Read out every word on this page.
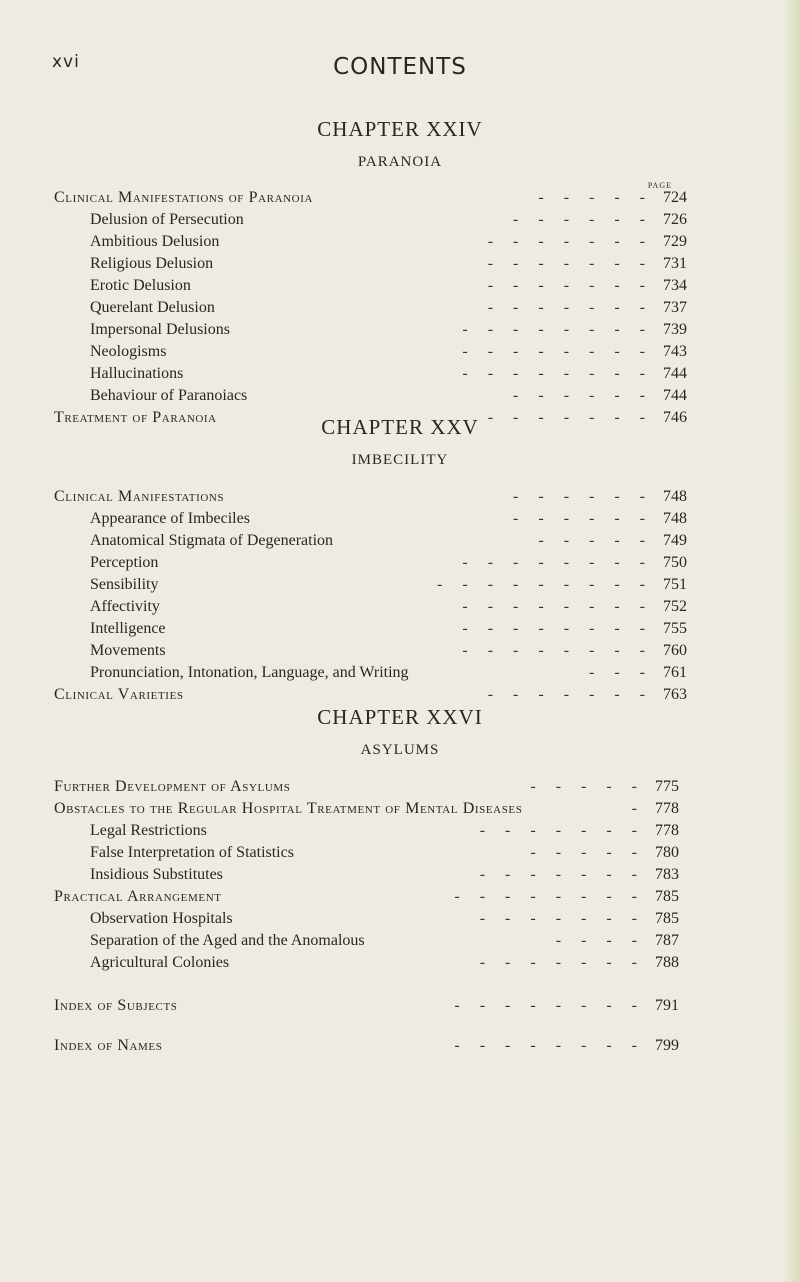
xvi	CONTENTS
CHAPTER XXIV
PARANOIA
PAGE
Clinical Manifestations of Paranoia	- - - - - 724
Delusion of Persecution	- - - - - - 726
Ambitious Delusion	- - - - - - - 729
Religious Delusion	- - - - - - - 731
Erotic Delusion	- - - - - - - 734
Querelant Delusion	- - - - - - - 737
Impersonal Delusions	- - - - - - - - 739
Neologisms	- - - - - - - - 743
Hallucinations	- - - - - - - - 744
Behaviour of Paranoiacs	- - - - - - 744
Treatment of Paranoia	- - - - - - - 746
CHAPTER XXV
IMBECILITY
Clinical Manifestations	- - - - - - 748
Appearance of Imbeciles	- - - - - - 748
Anatomical Stigmata of Degeneration	- - - - - 749
Perception	- - - - - - - - 750
Sensibility	- - - - - - - - - 751
Affectivity	- - - - - - - - 752
Intelligence	- - - - - - - - 755
Movements	- - - - - - - - 760
Pronunciation, Intonation, Language, and Writing	- - - 761
Clinical Varieties	- - - - - - - 763
CHAPTER XXVI
ASYLUMS
Further Development of Asylums	- - - - - 775
Obstacles to the Regular Hospital Treatment of Mental Diseases	- 778
Legal Restrictions	- - - - - - - 778
False Interpretation of Statistics	- - - - - 780
Insidious Substitutes	- - - - - - - 783
Practical Arrangement	- - - - - - - - 785
Observation Hospitals	- - - - - - - 785
Separation of the Aged and the Anomalous	- - - - 787
Agricultural Colonies	- - - - - - - 788
Index of Subjects	- - - - - - - - 791
Index of Names	- - - - - - - - 799
